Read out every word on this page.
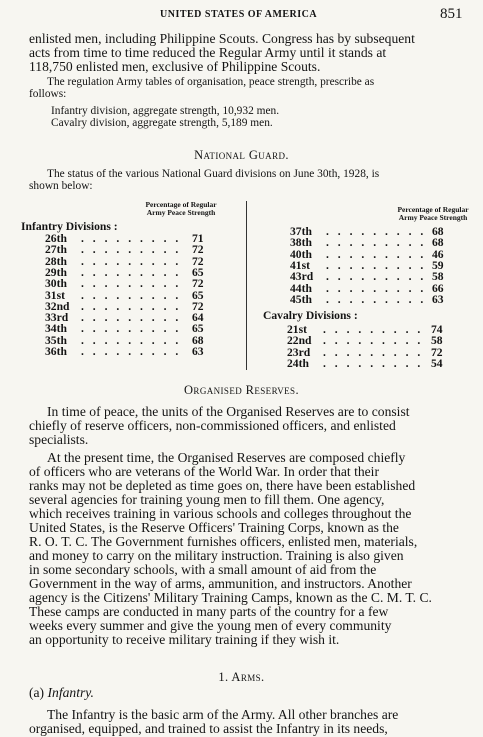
UNITED STATES OF AMERICA	851
enlisted men, including Philippine Scouts. Congress has by subsequent
acts from time to time reduced the Regular Army until it stands at
118,750 enlisted men, exclusive of Philippine Scouts.
The regulation Army tables of organisation, peace strength, prescribe as
follows:
Infantry division, aggregate strength, 10,932 men.
Cavalry division, aggregate strength, 5,189 men.
National Guard.
The status of the various National Guard divisions on June 30th, 1928, is
shown below:
Percentage of Regular
Army Peace Strength	Percentage of Regular
Army Peace Strength
Infantry Divisions :
26th . . . . . . . . . 71
27th . . . . . . . . . 72
28th . . . . . . . . . 72
29th . . . . . . . . . 65
30th . . . . . . . . . 72
31st . . . . . . . . . 65
32nd . . . . . . . . . 72
33rd . . . . . . . . . 64
34th . . . . . . . . . 65
35th . . . . . . . . . 68
36th . . . . . . . . . 63
37th . . . . . . . . . 68
38th . . . . . . . . . 68
40th . . . . . . . . . 46
41st . . . . . . . . . 59
43rd . . . . . . . . . 58
44th . . . . . . . . . 66
45th . . . . . . . . . 63
Cavalry Divisions :
21st . . . . . . . . . 74
22nd . . . . . . . . . 58
23rd . . . . . . . . . 72
24th . . . . . . . . . 54
Organised Reserves.
In time of peace, the units of the Organised Reserves are to consist
chiefly of reserve officers, non-commissioned officers, and enlisted
specialists.
At the present time, the Organised Reserves are composed chiefly
of officers who are veterans of the World War. In order that their
ranks may not be depleted as time goes on, there have been established
several agencies for training young men to fill them. One agency,
which receives training in various schools and colleges throughout the
United States, is the Reserve Officers' Training Corps, known as the
R. O. T. C. The Government furnishes officers, enlisted men, materials,
and money to carry on the military instruction. Training is also given
in some secondary schools, with a small amount of aid from the
Government in the way of arms, ammunition, and instructors. Another
agency is the Citizens' Military Training Camps, known as the C. M. T. C.
These camps are conducted in many parts of the country for a few
weeks every summer and give the young men of every community
an opportunity to receive military training if they wish it.
1. Arms.
(a) Infantry.
The Infantry is the basic arm of the Army. All other branches are
organised, equipped, and trained to assist the Infantry in its needs,
